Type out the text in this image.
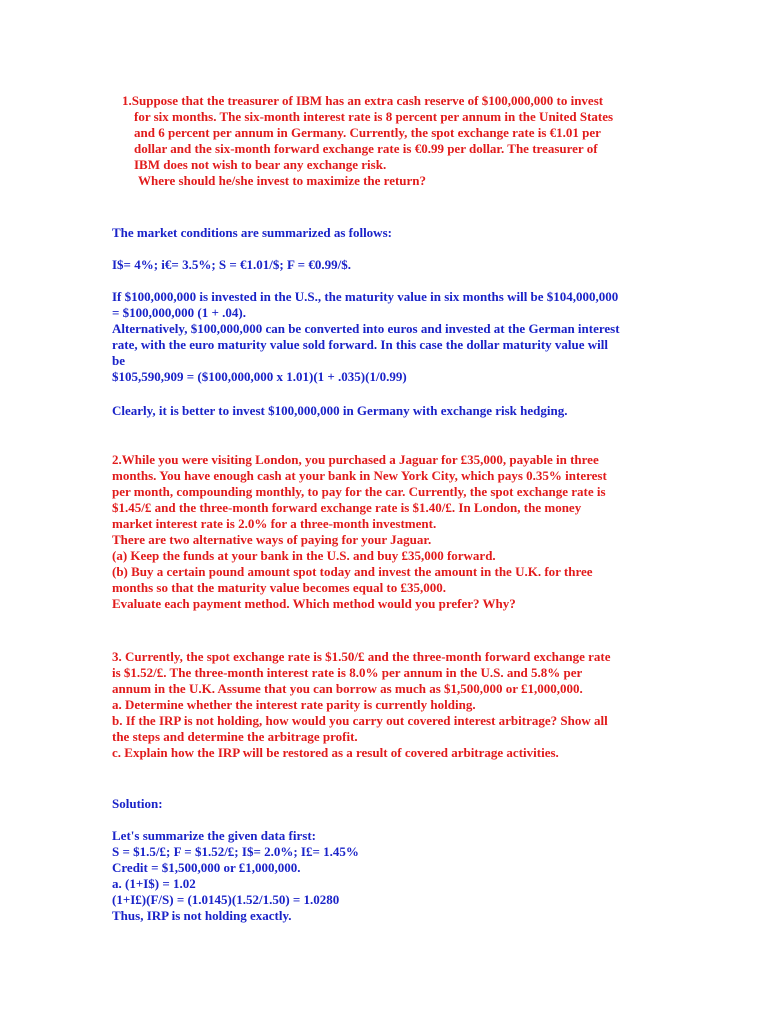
1.Suppose that the treasurer of IBM has an extra cash reserve of $100,000,000 to invest
for six months. The six-month interest rate is 8 percent per annum in the United States
and 6 percent per annum in Germany. Currently, the spot exchange rate is €1.01 per
dollar and the six-month forward exchange rate is €0.99 per dollar. The treasurer of
IBM does not wish to bear any exchange risk.
Where should he/she invest to maximize the return?
The market conditions are summarized as follows:
I$= 4%; i€= 3.5%; S = €1.01/$; F = €0.99/$.
If $100,000,000 is invested in the U.S., the maturity value in six months will be $104,000,000
= $100,000,000 (1 + .04).
Alternatively, $100,000,000 can be converted into euros and invested at the German interest
rate, with the euro maturity value sold forward. In this case the dollar maturity value will
be
$105,590,909 = ($100,000,000 x 1.01)(1 + .035)(1/0.99)
Clearly, it is better to invest $100,000,000 in Germany with exchange risk hedging.
2.While you were visiting London, you purchased a Jaguar for £35,000, payable in three
months. You have enough cash at your bank in New York City, which pays 0.35% interest
per month, compounding monthly, to pay for the car. Currently, the spot exchange rate is
$1.45/£ and the three-month forward exchange rate is $1.40/£. In London, the money
market interest rate is 2.0% for a three-month investment.
There are two alternative ways of paying for your Jaguar.
(a) Keep the funds at your bank in the U.S. and buy £35,000 forward.
(b) Buy a certain pound amount spot today and invest the amount in the U.K. for three
months so that the maturity value becomes equal to £35,000.
Evaluate each payment method. Which method would you prefer? Why?
3. Currently, the spot exchange rate is $1.50/£ and the three-month forward exchange rate
is $1.52/£. The three-month interest rate is 8.0% per annum in the U.S. and 5.8% per
annum in the U.K. Assume that you can borrow as much as $1,500,000 or £1,000,000.
a. Determine whether the interest rate parity is currently holding.
b. If the IRP is not holding, how would you carry out covered interest arbitrage? Show all
the steps and determine the arbitrage profit.
c. Explain how the IRP will be restored as a result of covered arbitrage activities.
Solution:
Let's summarize the given data first:
S = $1.5/£; F = $1.52/£; I$= 2.0%; I£= 1.45%
Credit = $1,500,000 or £1,000,000.
a. (1+I$) = 1.02
(1+I£)(F/S) = (1.0145)(1.52/1.50) = 1.0280
Thus, IRP is not holding exactly.
